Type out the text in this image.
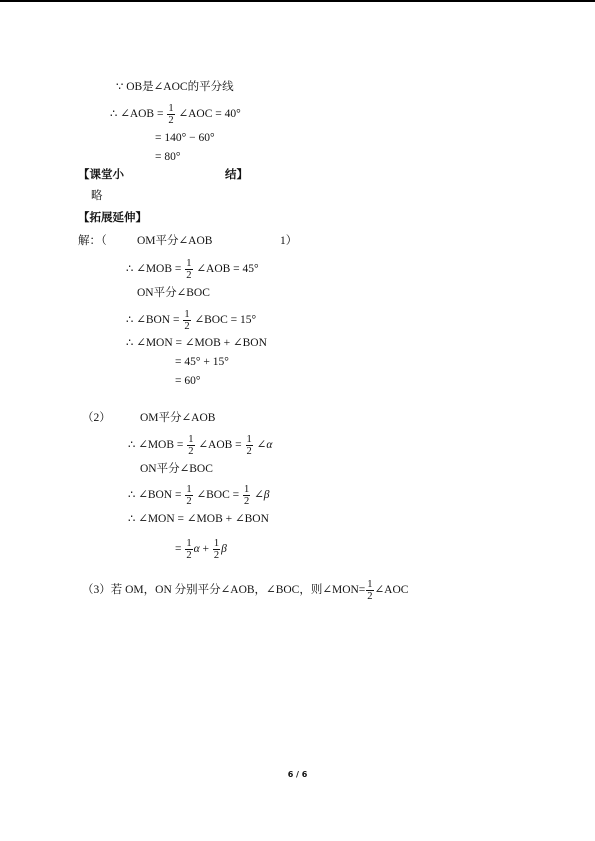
∵ OB是∠AOC的平分线
∴ ∠AOB = $\frac{1}{2}$ ∠AOC = 40°
= 140° − 60°
= 80°
【课堂小	结】
略
【拓展延伸】
解：（	OM平分∠AOB	1）
∴ ∠MOB = $\frac{1}{2}$ ∠AOB = 45°
ON平分∠BOC
∴ ∠BON = $\frac{1}{2}$ ∠BOC = 15°
∴ ∠MON = ∠MOB + ∠BON
= 45° + 15°
= 60°
（2）	OM平分∠AOB
∴ ∠MOB = $\frac{1}{2}$ ∠AOB = $\frac{1}{2}$ ∠α
ON平分∠BOC
∴ ∠BON = $\frac{1}{2}$ ∠BOC = $\frac{1}{2}$ ∠β
∴ ∠MON = ∠MOB + ∠BON
= $\frac{1}{2}$ $\alpha + \frac{1}{2}$ β
（3）若 OM，ON 分别平分∠AOB，∠BOC，则∠MON= $\frac{1}{2}$ ∠AOC
6 / 6
